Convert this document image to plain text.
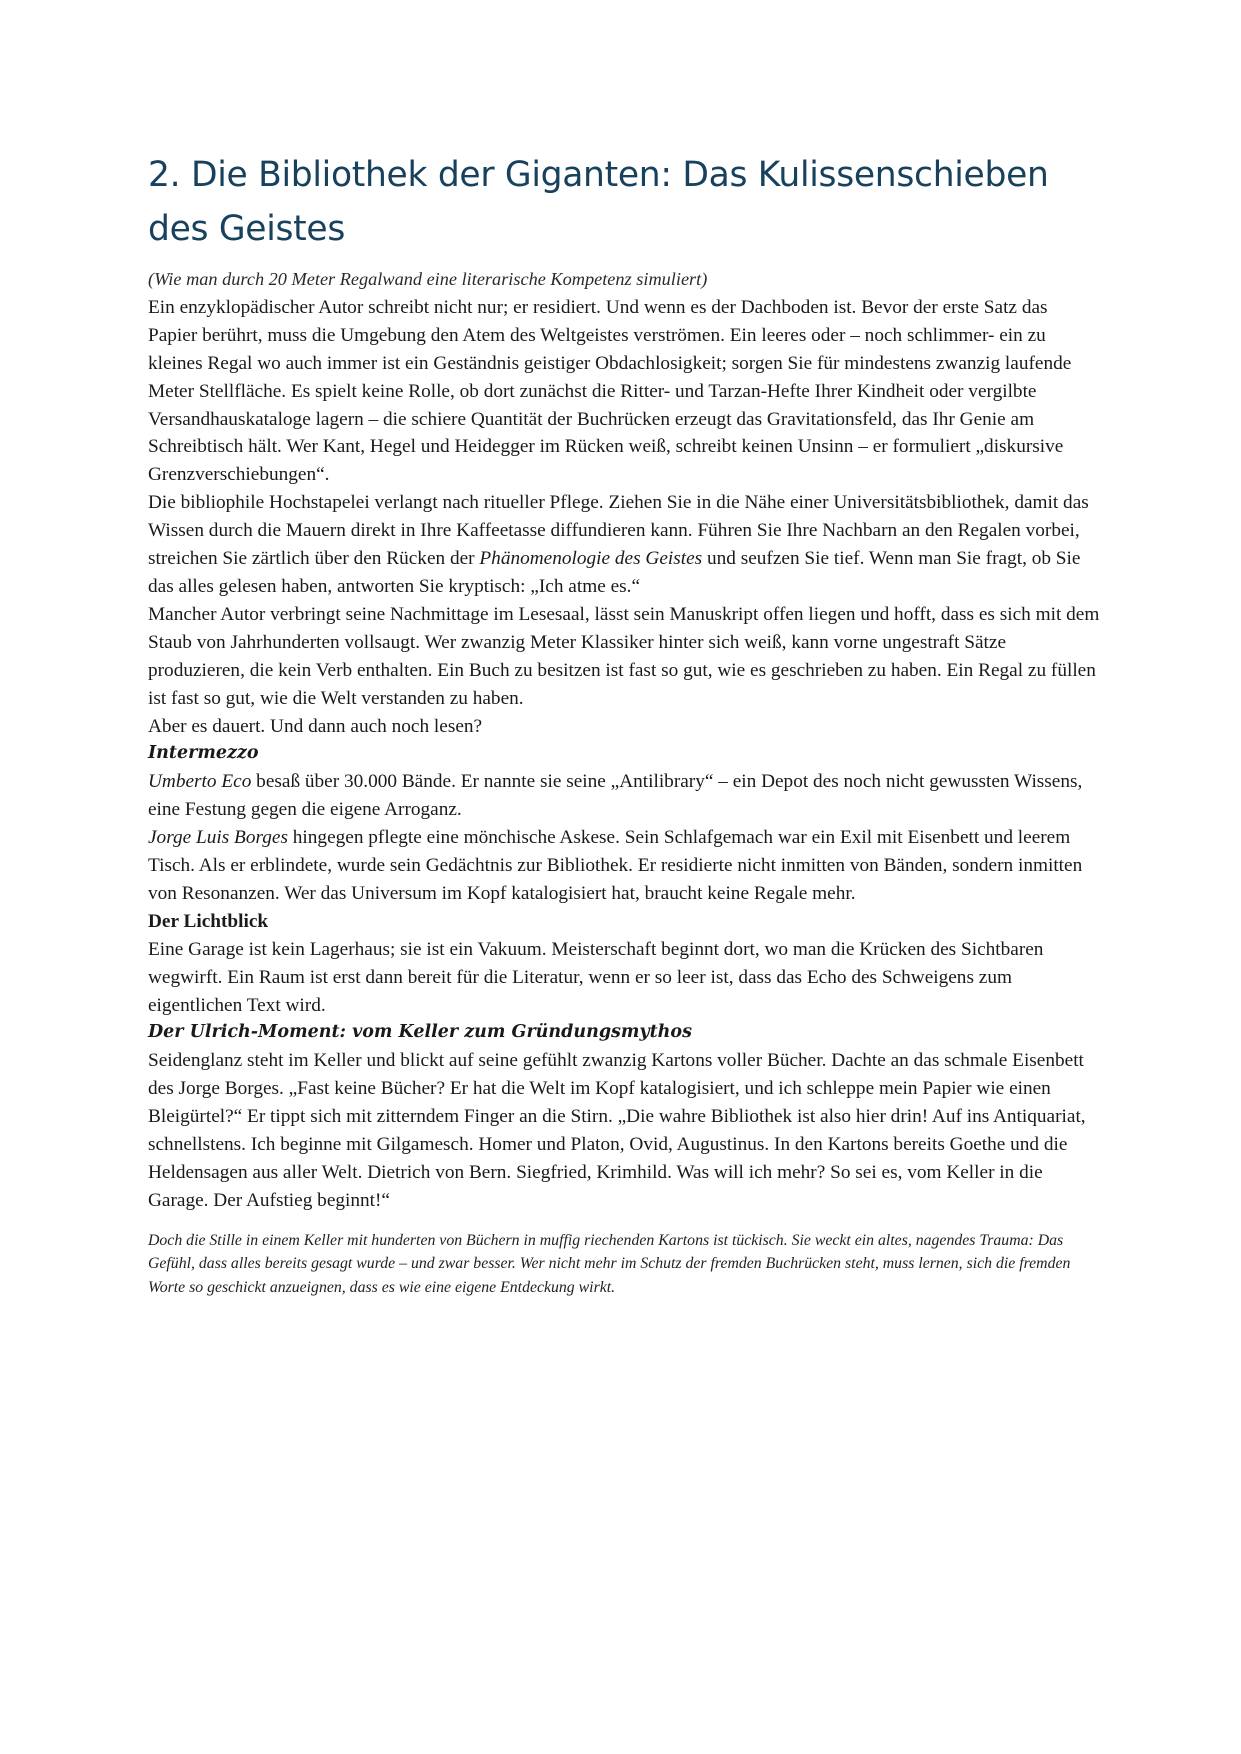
2. Die Bibliothek der Giganten: Das Kulissenschieben des Geistes

(Wie man durch 20 Meter Regalwand eine literarische Kompetenz simuliert)

Ein enzyklopädischer Autor schreibt nicht nur; er residiert. Und wenn es der Dachboden ist. Bevor der erste Satz das Papier berührt, muss die Umgebung den Atem des Weltgeistes verströmen. Ein leeres oder – noch schlimmer- ein zu kleines Regal wo auch immer ist ein Geständnis geistiger Obdachlosigkeit; sorgen Sie für mindestens zwanzig laufende Meter Stellfläche. Es spielt keine Rolle, ob dort zunächst die Ritter- und Tarzan-Hefte Ihrer Kindheit oder vergilbte Versandhauskataloge lagern – die schiere Quantität der Buchrücken erzeugt das Gravitationsfeld, das Ihr Genie am Schreibtisch hält. Wer Kant, Hegel und Heidegger im Rücken weiß, schreibt keinen Unsinn – er formuliert „diskursive Grenzverschiebungen“.

Die bibliophile Hochstapelei verlangt nach ritueller Pflege. Ziehen Sie in die Nähe einer Universitätsbibliothek, damit das Wissen durch die Mauern direkt in Ihre Kaffeetasse diffundieren kann. Führen Sie Ihre Nachbarn an den Regalen vorbei, streichen Sie zärtlich über den Rücken der Phänomenologie des Geistes und seufzen Sie tief. Wenn man Sie fragt, ob Sie das alles gelesen haben, antworten Sie kryptisch: „Ich atme es.“

Mancher Autor verbringt seine Nachmittage im Lesesaal, lässt sein Manuskript offen liegen und hofft, dass es sich mit dem Staub von Jahrhunderten vollsaugt. Wer zwanzig Meter Klassiker hinter sich weiß, kann vorne ungestraft Sätze produzieren, die kein Verb enthalten. Ein Buch zu besitzen ist fast so gut, wie es geschrieben zu haben. Ein Regal zu füllen ist fast so gut, wie die Welt verstanden zu haben.

Aber es dauert. Und dann auch noch lesen?

Intermezzo

Umberto Eco besaß über 30.000 Bände. Er nannte sie seine „Antilibrary“ – ein Depot des noch nicht gewussten Wissens, eine Festung gegen die eigene Arroganz.

Jorge Luis Borges hingegen pflegte eine mönchische Askese. Sein Schlafgemach war ein Exil mit Eisenbett und leerem Tisch. Als er erblindete, wurde sein Gedächtnis zur Bibliothek. Er residierte nicht inmitten von Bänden, sondern inmitten von Resonanzen. Wer das Universum im Kopf katalogisiert hat, braucht keine Regale mehr.

Der Lichtblick

Eine Garage ist kein Lagerhaus; sie ist ein Vakuum. Meisterschaft beginnt dort, wo man die Krücken des Sichtbaren wegwirft. Ein Raum ist erst dann bereit für die Literatur, wenn er so leer ist, dass das Echo des Schweigens zum eigentlichen Text wird.

Der Ulrich-Moment: vom Keller zum Gründungsmythos

Seidenglanz steht im Keller und blickt auf seine gefühlt zwanzig Kartons voller Bücher. Dachte an das schmale Eisenbett des Jorge Borges. „Fast keine Bücher? Er hat die Welt im Kopf katalogisiert, und ich schleppe mein Papier wie einen Bleigürtel?“ Er tippt sich mit zitterndem Finger an die Stirn. „Die wahre Bibliothek ist also hier drin! Auf ins Antiquariat, schnellstens. Ich beginne mit Gilgamesch. Homer und Platon, Ovid, Augustinus. In den Kartons bereits Goethe und die Heldensagen aus aller Welt. Dietrich von Bern. Siegfried, Krimhild. Was will ich mehr? So sei es, vom Keller in die Garage. Der Aufstieg beginnt!“

Doch die Stille in einem Keller mit hunderten von Büchern in muffig riechenden Kartons ist tückisch. Sie weckt ein altes, nagendes Trauma: Das Gefühl, dass alles bereits gesagt wurde – und zwar besser. Wer nicht mehr im Schutz der fremden Buchrücken steht, muss lernen, sich die fremden Worte so geschickt anzueignen, dass es wie eine eigene Entdeckung wirkt.
